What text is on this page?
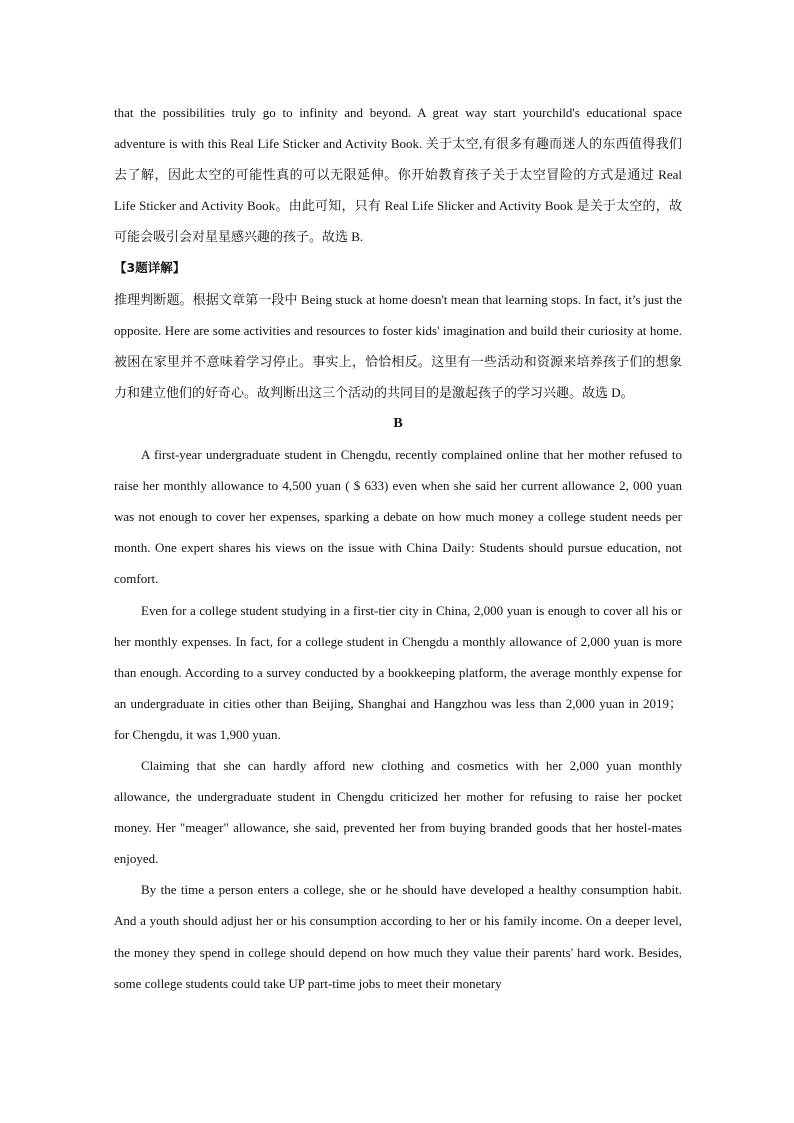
that the possibilities truly go to infinity and beyond. A great way start yourchild's educational space adventure is with this Real Life Sticker and Activity Book. 关于太空,有很多有趣而迷人的东西值得我们去了解，因此太空的可能性真的可以无限延伸。你开始教育孩子关于太空冒险的方式是通过 Real Life Sticker and Activity Book。由此可知，只有 Real Life Slicker and Activity Book 是关于太空的，故可能会吸引会对星星感兴趣的孩子。故选 B.

【3题详解】

推理判断题。根据文章第一段中 Being stuck at home doesn't mean that learning stops. In fact, it’s just the opposite. Here are some activities and resources to foster kids' imagination and build their curiosity at home. 被困在家里并不意味着学习停止。事实上，恰恰相反。这里有一些活动和资源来培养孩子们的想象力和建立他们的好奇心。故判断出这三个活动的共同目的是激起孩子的学习兴趣。故选 D。

B

A first-year undergraduate student in Chengdu, recently complained online that her mother refused to raise her monthly allowance to 4,500 yuan ( $ 633) even when she said her current allowance 2, 000 yuan was not enough to cover her expenses, sparking a debate on how much money a college student needs per month. One expert shares his views on the issue with China Daily: Students should pursue education, not comfort.

Even for a college student studying in a first-tier city in China, 2,000 yuan is enough to cover all his or her monthly expenses. In fact, for a college student in Chengdu a monthly allowance of 2,000 yuan is more than enough. According to a survey conducted by a bookkeeping platform, the average monthly expense for an undergraduate in cities other than Beijing, Shanghai and Hangzhou was less than 2,000 yuan in 2019； for Chengdu, it was 1,900 yuan.

Claiming that she can hardly afford new clothing and cosmetics with her 2,000 yuan monthly allowance, the undergraduate student in Chengdu criticized her mother for refusing to raise her pocket money. Her "meager" allowance, she said, prevented her from buying branded goods that her hostel-mates enjoyed.

By the time a person enters a college, she or he should have developed a healthy consumption habit. And a youth should adjust her or his consumption according to her or his family income. On a deeper level, the money they spend in college should depend on how much they value their parents' hard work. Besides, some college students could take UP part-time jobs to meet their monetary
